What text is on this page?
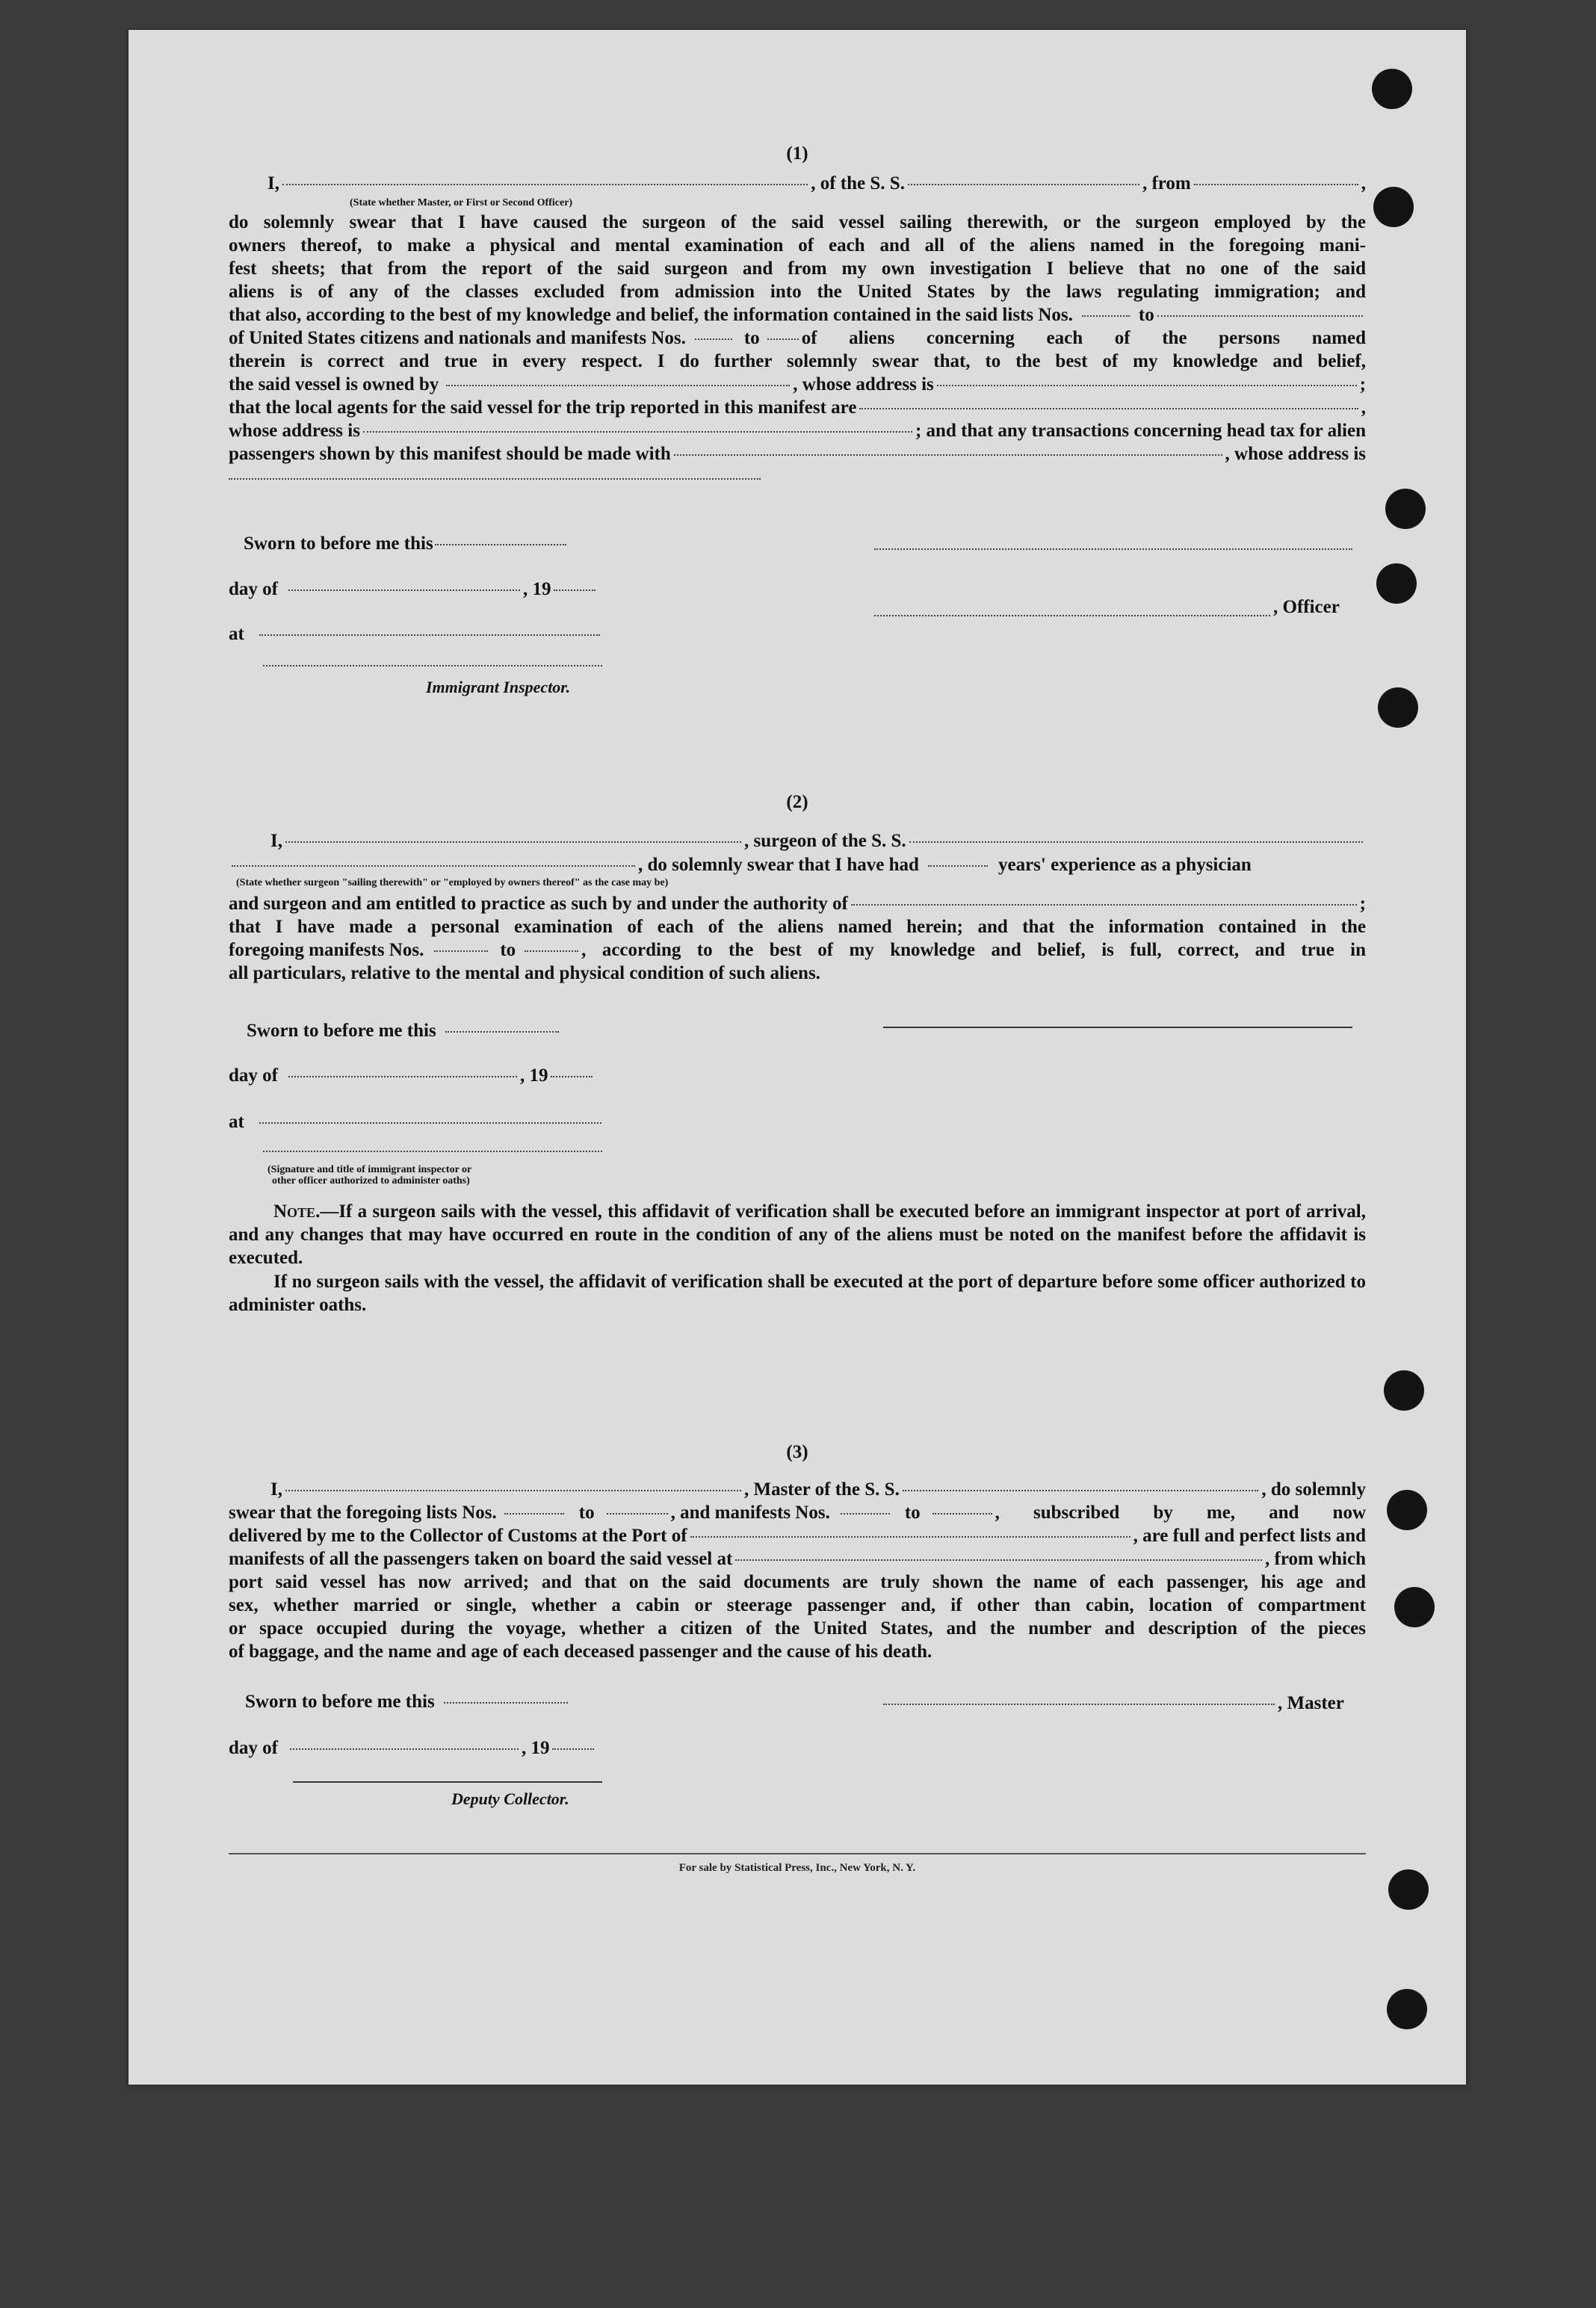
(1)
I,	, of the S. S.	, from	,
(State whether Master, or First or Second Officer)
do solemnly swear that I have caused the surgeon of the said vessel sailing therewith, or the surgeon employed by the
owners thereof, to make a physical and mental examination of each and all of the aliens named in the foregoing mani-
fest sheets; that from the report of the said surgeon and from my own investigation I believe that no one of the said
aliens is of any of the classes excluded from admission into the United States by the laws regulating immigration; and
that also, according to the best of my knowledge and belief, the information contained in the said lists Nos.	to
of United States citizens and nationals and manifests Nos.	to of aliens concerning each of the persons named
therein is correct and true in every respect. I do further solemnly swear that, to the best of my knowledge and belief,
the said vessel is owned by	, whose address is	;
that the local agents for the said vessel for the trip reported in this manifest are	,
whose address is	; and that any transactions concerning head tax for alien
passengers shown by this manifest should be made with	, whose address is
Sworn to before me this
day of	, 19
, Officer
at
Immigrant Inspector.
(2)
I,	, surgeon of the S. S.
, do solemnly swear that I have had	years' experience as a physician
(State whether surgeon "sailing therewith" or "employed by owners thereof" as the case may be)
and surgeon and am entitled to practice as such by and under the authority of	;
that I have made a personal examination of each of the aliens named herein; and that the information contained in the
foregoing manifests Nos.	to	, according to the best of my knowledge and belief, is full, correct, and true in
all particulars, relative to the mental and physical condition of such aliens.
Sworn to before me this
day of	, 19
at
(Signature and title of immigrant inspector or
other officer authorized to administer oaths)
Note.—If a surgeon sails with the vessel, this affidavit of verification shall be executed before an immigrant inspector at port of arrival, and any changes that may have occurred en route in the condition of any of the aliens must be noted on the manifest before the affidavit is executed.
If no surgeon sails with the vessel, the affidavit of verification shall be executed at the port of departure before some officer authorized to administer oaths.
(3)
I,	, Master of the S. S.	, do solemnly
swear that the foregoing lists Nos.	to	, and manifests Nos.	to	, subscribed by me, and now
delivered by me to the Collector of Customs at the Port of	, are full and perfect lists and
manifests of all the passengers taken on board the said vessel at	, from which
port said vessel has now arrived; and that on the said documents are truly shown the name of each passenger, his age and
sex, whether married or single, whether a cabin or steerage passenger and, if other than cabin, location of compartment
or space occupied during the voyage, whether a citizen of the United States, and the number and description of the pieces
of baggage, and the name and age of each deceased passenger and the cause of his death.
Sworn to before me this	, Master
day of	, 19
Deputy Collector.
For sale by Statistical Press, Inc., New York, N. Y.
